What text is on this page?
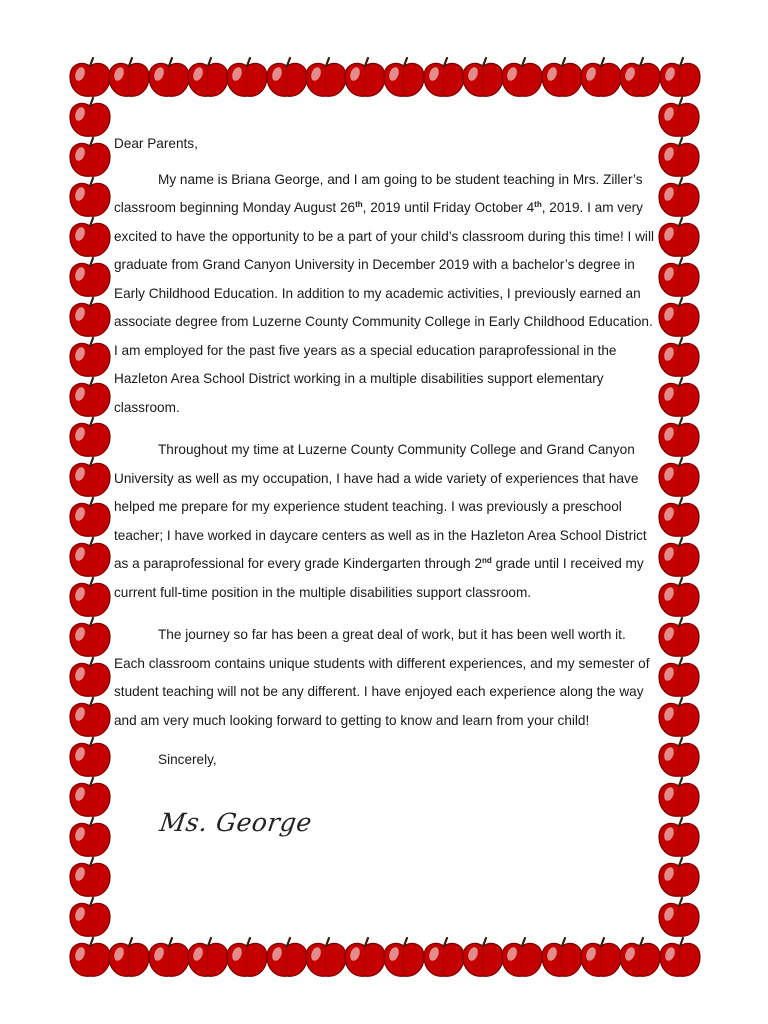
Dear Parents,

My name is Briana George, and I am going to be student teaching in Mrs. Ziller’s classroom beginning Monday August 26th, 2019 until Friday October 4th, 2019. I am very excited to have the opportunity to be a part of your child’s classroom during this time! I will graduate from Grand Canyon University in December 2019 with a bachelor’s degree in Early Childhood Education. In addition to my academic activities, I previously earned an associate degree from Luzerne County Community College in Early Childhood Education. I am employed for the past five years as a special education paraprofessional in the Hazleton Area School District working in a multiple disabilities support elementary classroom.

Throughout my time at Luzerne County Community College and Grand Canyon University as well as my occupation, I have had a wide variety of experiences that have helped me prepare for my experience student teaching. I was previously a preschool teacher; I have worked in daycare centers as well as in the Hazleton Area School District as a paraprofessional for every grade Kindergarten through 2nd grade until I received my current full-time position in the multiple disabilities support classroom.

The journey so far has been a great deal of work, but it has been well worth it. Each classroom contains unique students with different experiences, and my semester of student teaching will not be any different. I have enjoyed each experience along the way and am very much looking forward to getting to know and learn from your child!

Sincerely,

Ms. George
